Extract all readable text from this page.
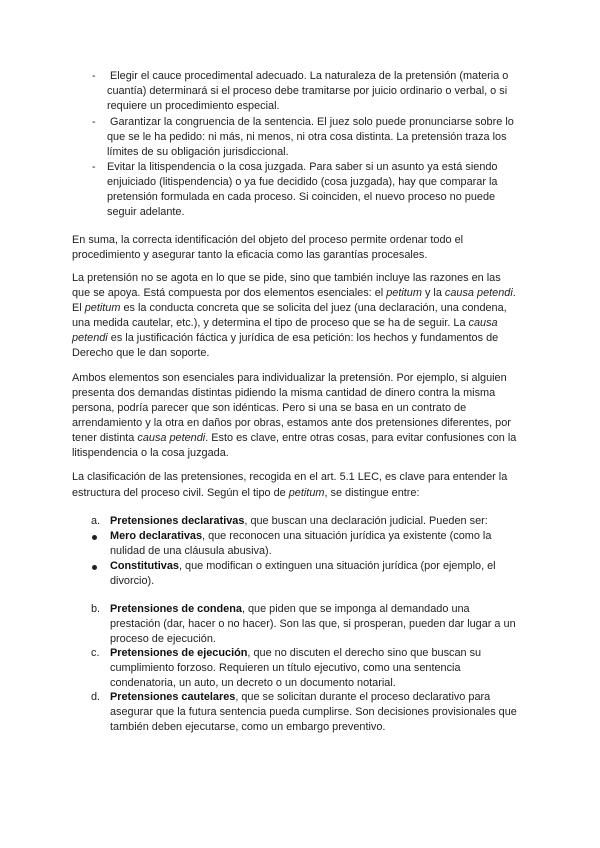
- Elegir el cauce procedimental adecuado. La naturaleza de la pretensión (materia o
cuantía) determinará si el proceso debe tramitarse por juicio ordinario o verbal, o si
requiere un procedimiento especial.
- Garantizar la congruencia de la sentencia. El juez solo puede pronunciarse sobre lo
que se le ha pedido: ni más, ni menos, ni otra cosa distinta. La pretensión traza los
límites de su obligación jurisdiccional.
- Evitar la litispendencia o la cosa juzgada. Para saber si un asunto ya está siendo
enjuiciado (litispendencia) o ya fue decidido (cosa juzgada), hay que comparar la
pretensión formulada en cada proceso. Si coinciden, el nuevo proceso no puede
seguir adelante.
En suma, la correcta identificación del objeto del proceso permite ordenar todo el
procedimiento y asegurar tanto la eficacia como las garantías procesales.
La pretensión no se agota en lo que se pide, sino que también incluye las razones en las
que se apoya. Está compuesta por dos elementos esenciales: el petitum y la causa petendi.
El petitum es la conducta concreta que se solicita del juez (una declaración, una condena,
una medida cautelar, etc.), y determina el tipo de proceso que se ha de seguir. La causa
petendi es la justificación fáctica y jurídica de esa petición: los hechos y fundamentos de
Derecho que le dan soporte.
Ambos elementos son esenciales para individualizar la pretensión. Por ejemplo, si alguien
presenta dos demandas distintas pidiendo la misma cantidad de dinero contra la misma
persona, podría parecer que son idénticas. Pero si una se basa en un contrato de
arrendamiento y la otra en daños por obras, estamos ante dos pretensiones diferentes, por
tener distinta causa petendi. Esto es clave, entre otras cosas, para evitar confusiones con la
litispendencia o la cosa juzgada.
La clasificación de las pretensiones, recogida en el art. 5.1 LEC, es clave para entender la
estructura del proceso civil. Según el tipo de petitum, se distingue entre:
a. Pretensiones declarativas, que buscan una declaración judicial. Pueden ser:
Mero declarativas, que reconocen una situación jurídica ya existente (como la
nulidad de una cláusula abusiva).
Constitutivas, que modifican o extinguen una situación jurídica (por ejemplo, el
divorcio).
b. Pretensiones de condena, que piden que se imponga al demandado una
prestación (dar, hacer o no hacer). Son las que, si prosperan, pueden dar lugar a un
proceso de ejecución.
c. Pretensiones de ejecución, que no discuten el derecho sino que buscan su
cumplimiento forzoso. Requieren un título ejecutivo, como una sentencia
condenatoria, un auto, un decreto o un documento notarial.
d. Pretensiones cautelares, que se solicitan durante el proceso declarativo para
asegurar que la futura sentencia pueda cumplirse. Son decisiones provisionales que
también deben ejecutarse, como un embargo preventivo.
